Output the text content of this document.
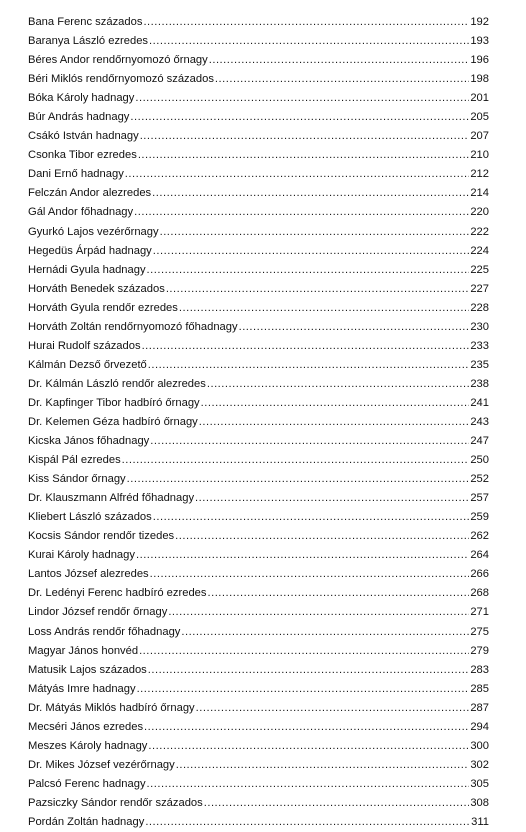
Bana Ferenc százados .....	192
Baranya László ezredes .....	193
Béres Andor rendőrnyomozó őrnagy .....	196
Béri Miklós rendőrnyomozó százados .....	198
Bóka Károly hadnagy .....	201
Búr András hadnagy .....	205
Csákó István hadnagy .....	207
Csonka Tibor ezredes .....	210
Dani Ernő hadnagy .....	212
Felczán Andor alezredes .....	214
Gál Andor főhadnagy .....	220
Gyurkó Lajos vezérőrnagy .....	222
Hegedüs Árpád hadnagy .....	224
Hernádi Gyula hadnagy .....	225
Horváth Benedek százados .....	227
Horváth Gyula rendőr ezredes .....	228
Horváth Zoltán rendőrnyomozó főhadnagy .....	230
Hurai Rudolf százados .....	233
Kálmán Dezső őrvezető .....	235
Dr. Kálmán László rendőr alezredes .....	238
Dr. Kapfinger Tibor hadbíró őrnagy .....	241
Dr. Kelemen Géza hadbíró őrnagy .....	243
Kicska János főhadnagy .....	247
Kispál Pál ezredes .....	250
Kiss Sándor őrnagy .....	252
Dr. Klauszmann Alfréd főhadnagy .....	257
Kliebert László százados .....	259
Kocsis Sándor rendőr tizedes .....	262
Kurai Károly hadnagy .....	264
Lantos József alezredes .....	266
Dr. Ledényi Ferenc hadbíró ezredes .....	268
Lindor József rendőr őrnagy .....	271
Loss András rendőr főhadnagy .....	275
Magyar János honvéd .....	279
Matusik Lajos százados .....	283
Mátyás Imre hadnagy .....	285
Dr. Mátyás Miklós hadbíró őrnagy .....	287
Mecséri János ezredes .....	294
Meszes Károly hadnagy .....	300
Dr. Mikes József vezérőrnagy .....	302
Palcsó Ferenc hadnagy .....	305
Pazsiczky Sándor rendőr százados .....	308
Pordán Zoltán hadnagy .....	311
